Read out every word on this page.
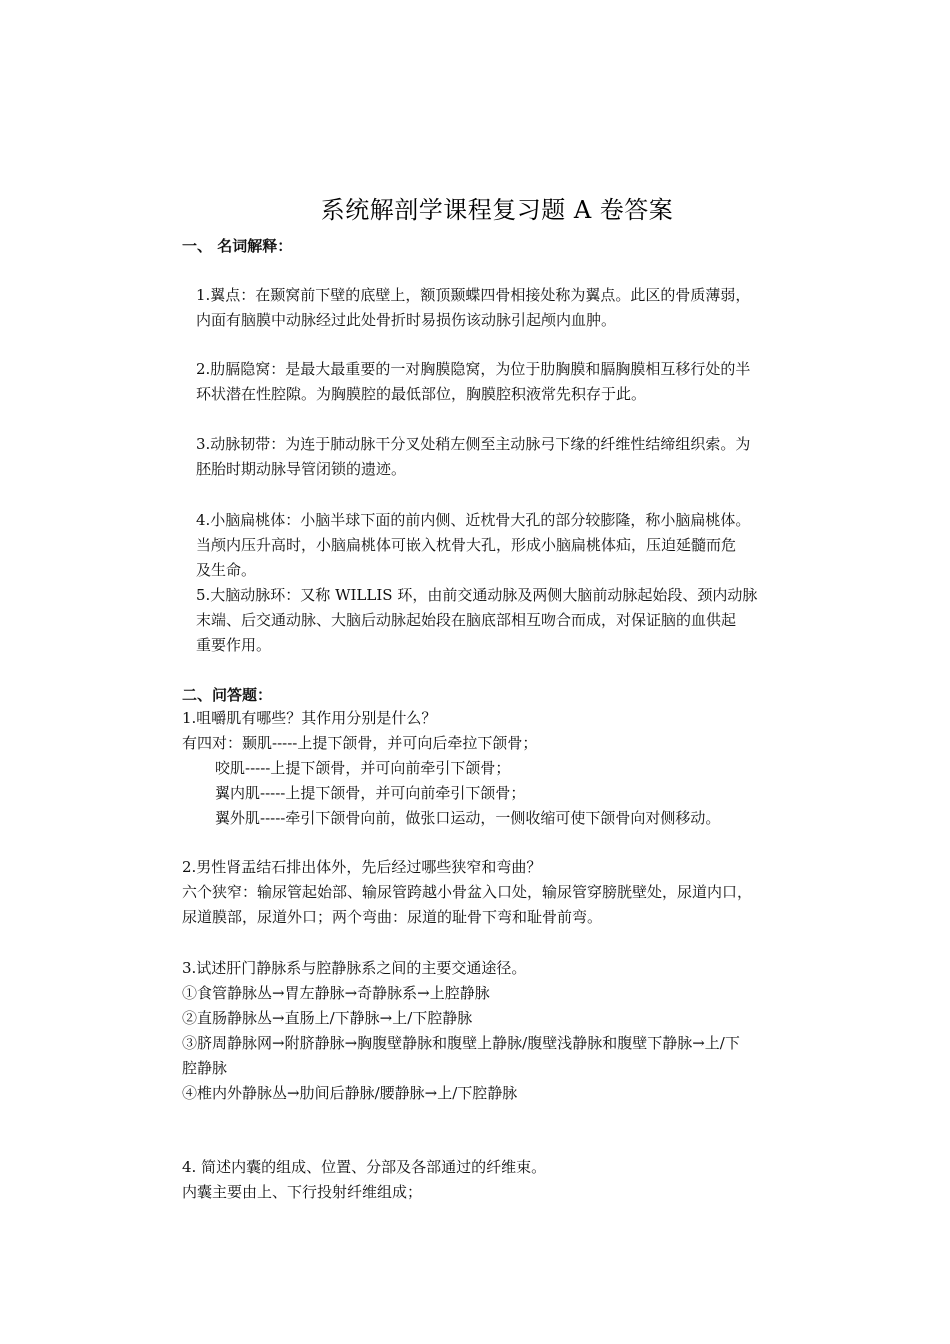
系统解剖学课程复习题 A 卷答案
一、 名词解释：
1.翼点：在颞窝前下壁的底壁上，额顶颞蝶四骨相接处称为翼点。此区的骨质薄弱，
内面有脑膜中动脉经过此处骨折时易损伤该动脉引起颅内血肿。
2.肋膈隐窝：是最大最重要的一对胸膜隐窝，为位于肋胸膜和膈胸膜相互移行处的半
环状潜在性腔隙。为胸膜腔的最低部位，胸膜腔积液常先积存于此。
3.动脉韧带：为连于肺动脉干分叉处稍左侧至主动脉弓下缘的纤维性结缔组织索。为
胚胎时期动脉导管闭锁的遗迹。
4.小脑扁桃体：小脑半球下面的前内侧、近枕骨大孔的部分较膨隆，称小脑扁桃体。
当颅内压升高时，小脑扁桃体可嵌入枕骨大孔，形成小脑扁桃体疝，压迫延髓而危
及生命。
5.大脑动脉环：又称 WILLIS 环，由前交通动脉及两侧大脑前动脉起始段、颈内动脉
末端、后交通动脉、大脑后动脉起始段在脑底部相互吻合而成，对保证脑的血供起
重要作用。
二、问答题：
1.咀嚼肌有哪些？其作用分别是什么？
有四对：颞肌-----上提下颌骨，并可向后牵拉下颌骨；
咬肌-----上提下颌骨，并可向前牵引下颌骨；
翼内肌-----上提下颌骨，并可向前牵引下颌骨；
翼外肌-----牵引下颌骨向前，做张口运动，一侧收缩可使下颌骨向对侧移动。
2.男性肾盂结石排出体外，先后经过哪些狭窄和弯曲？
六个狭窄：输尿管起始部、输尿管跨越小骨盆入口处，输尿管穿膀胱壁处，尿道内口，
尿道膜部，尿道外口；两个弯曲：尿道的耻骨下弯和耻骨前弯。
3.试述肝门静脉系与腔静脉系之间的主要交通途径。
①食管静脉丛→胃左静脉→奇静脉系→上腔静脉
②直肠静脉丛→直肠上/下静脉→上/下腔静脉
③脐周静脉网→附脐静脉→胸腹壁静脉和腹壁上静脉/腹壁浅静脉和腹壁下静脉→上/下
腔静脉
④椎内外静脉丛→肋间后静脉/腰静脉→上/下腔静脉
4. 简述内囊的组成、位置、分部及各部通过的纤维束。
内囊主要由上、下行投射纤维组成；
